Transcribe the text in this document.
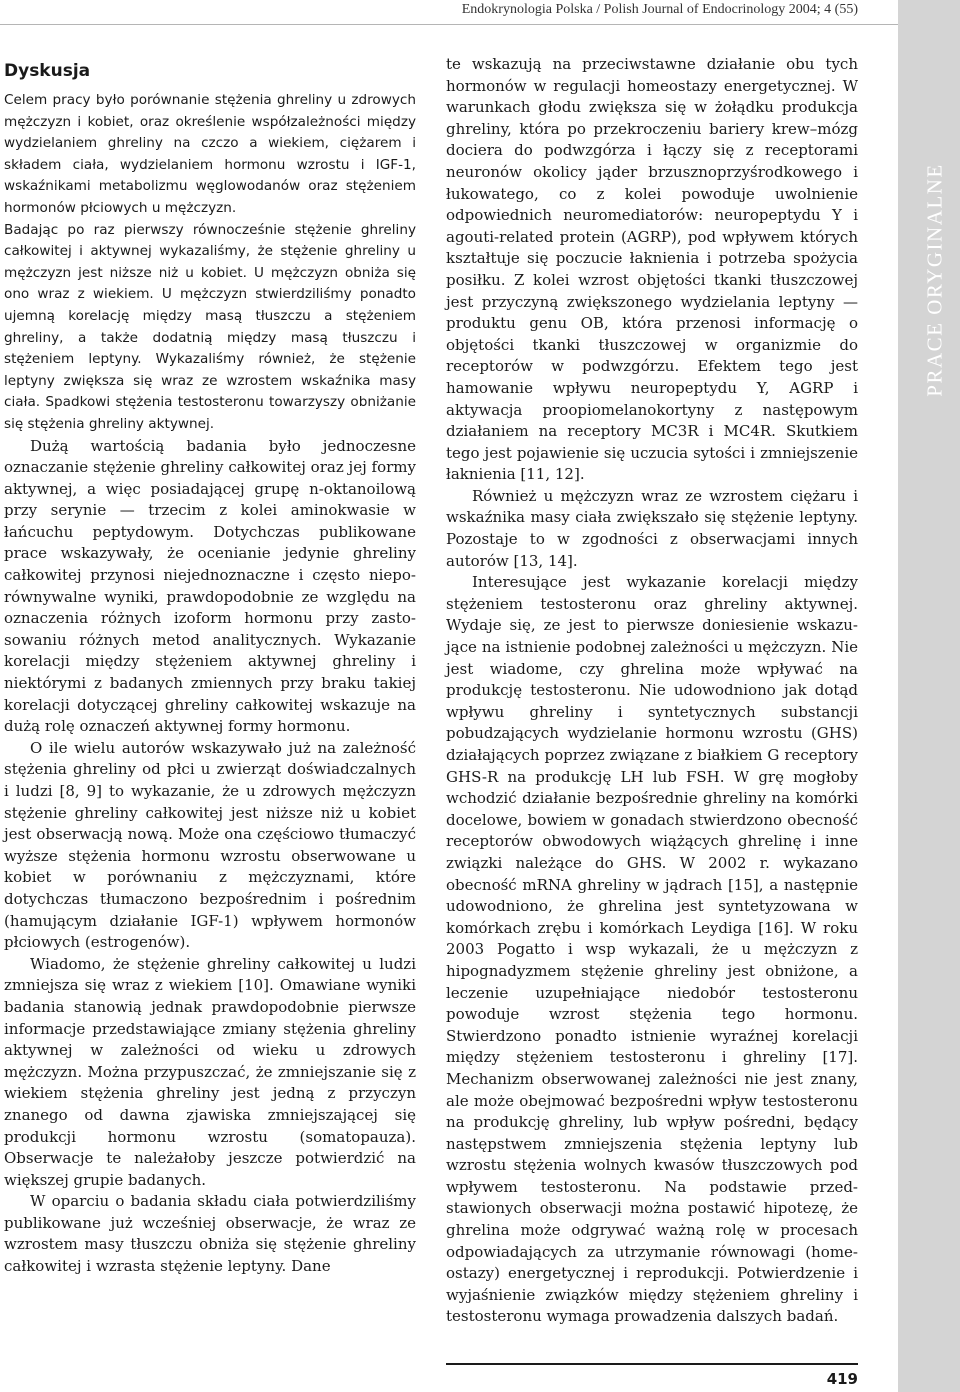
Endokrynologia Polska / Polish Journal of Endocrinology 2004; 4 (55)
PRACE ORYGINALNE
Dyskusja

Celem pracy było porównanie stężenia ghreliny u zdrowych mężczyzn i kobiet, oraz określenie współzależności między wydzielaniem ghreliny na czczo a wiekiem, ciężarem i składem ciała, wydzielaniem hormonu wzrostu i IGF-1, wskaźnikami metabolizmu węglowodanów oraz stężeniem hormonów płciowych u mężczyzn.

Badając po raz pierwszy równocześnie stężenie ghreliny całkowitej i aktywnej wykazaliśmy, że stężenie ghreliny u mężczyzn jest niższe niż u kobiet. U mężczyzn obniża się ono wraz z wiekiem. U mężczyzn stwierdziliśmy ponadto ujemną korelację między masą tłuszczu a stężeniem ghreliny, a także dodatnią między masą tłuszczu i stężeniem leptyny. Wykazaliśmy również, że stężenie leptyny zwiększa się wraz ze wzrostem wskaźnika masy ciała. Spadkowi stężenia testosteronu towarzyszy obniżanie się stężenia ghreliny aktywnej.

Dużą wartością badania było jednoczesne oznaczanie stężenie ghreliny całkowitej oraz jej formy aktywnej, a więc posiadającej grupę n-oktanoilową przy serynie — trzecim z kolei aminokwasie w łańcuchu peptydowym. Dotychczas publikowane prace wskazywały, że ocenianie jedynie ghreliny całkowitej przynosi niejednoznaczne i często nieporównywalne wyniki, prawdopodobnie ze względu na oznaczenia różnych izoform hormonu przy zastosowaniu różnych metod analitycznych. Wykazanie korelacji między stężeniem aktywnej ghreliny i niektórymi z badanych zmiennych przy braku takiej korelacji dotyczącej ghreliny całkowitej wskazuje na dużą rolę oznaczeń aktywnej formy hormonu.

O ile wielu autorów wskazywało już na zależność stężenia ghreliny od płci u zwierząt doświadczalnych i ludzi [8, 9] to wykazanie, że u zdrowych mężczyzn stężenie ghreliny całkowitej jest niższe niż u kobiet jest obserwacją nową. Może ona częściowo tłumaczyć wyższe stężenia hormonu wzrostu obserwowane u kobiet w porównaniu z mężczyznami, które dotychczas tłumaczono bezpośrednim i pośrednim (hamującym działanie IGF-1) wpływem hormonów płciowych (estrogenów).

Wiadomo, że stężenie ghreliny całkowitej u ludzi zmniejsza się wraz z wiekiem [10]. Omawiane wyniki badania stanowią jednak prawdopodobnie pierwsze informacje przedstawiające zmiany stężenia ghreliny aktywnej w zależności od wieku u zdrowych mężczyzn. Można przypuszczać, że zmniejszanie się z wiekiem stężenia ghreliny jest jedną z przyczyn znanego od dawna zjawiska zmniejszającej się produkcji hormonu wzrostu (somatopauza). Obserwacje te należałoby jeszcze potwierdzić na większej grupie badanych.

W oparciu o badania składu ciała potwierdziliśmy publikowane już wcześniej obserwacje, że wraz ze wzrostem masy tłuszczu obniża się stężenie ghreliny całkowitej i wzrasta stężenie leptyny. Dane

te wskazują na przeciwstawne działanie obu tych hormonów w regulacji homeostazy energetycznej. W warunkach głodu zwiększa się w żołądku produkcja ghreliny, która po przekroczeniu bariery krew–mózg dociera do podwzgórza i łączy się z receptorami neuronów okolicy jąder brzusznoprzyśrodkowego i łukowatego, co z kolei powoduje uwolnienie odpowiednich neuromediatorów: neuropeptydu Y i agouti-related protein (AGRP), pod wpływem których kształtuje się poczucie łaknienia i potrzeba spożycia posiłku. Z kolei wzrost objętości tkanki tłuszczowej jest przyczyną zwiększonego wydzielania leptyny — produktu genu OB, która przenosi informację o objętości tkanki tłuszczowej w organizmie do receptorów w podwzgórzu. Efektem tego jest hamowanie wpływu neuropeptydu Y, AGRP i aktywacja proopiomelanokortyny z następowym działaniem na receptory MC3R i MC4R. Skutkiem tego jest pojawienie się uczucia sytości i zmniejszenie łaknienia [11, 12].

Również u mężczyzn wraz ze wzrostem ciężaru i wskaźnika masy ciała zwiększało się stężenie leptyny. Pozostaje to w zgodności z obserwacjami innych autorów [13, 14].

Interesujące jest wykazanie korelacji między stężeniem testosteronu oraz ghreliny aktywnej. Wydaje się, ze jest to pierwsze doniesienie wskazujące na istnienie podobnej zależności u mężczyzn. Nie jest wiadome, czy ghrelina może wpływać na produkcję testosteronu. Nie udowodniono jak dotąd wpływu ghreliny i syntetycznych substancji pobudzających wydzielanie hormonu wzrostu (GHS) działających poprzez związane z białkiem G receptory GHS-R na produkcję LH lub FSH. W grę mogłoby wchodzić działanie bezpośrednie ghreliny na komórki docelowe, bowiem w gonadach stwierdzono obecność receptorów obwodowych wiążących ghrelinę i inne związki należące do GHS. W 2002 r. wykazano obecność mRNA ghreliny w jądrach [15], a następnie udowodniono, że ghrelina jest syntetyzowana w komórkach zrębu i komórkach Leydiga [16]. W roku 2003 Pogatto i wsp wykazali, że u mężczyzn z hipognadyzmem stężenie ghreliny jest obniżone, a leczenie uzupełniające niedobór testosteronu powoduje wzrost stężenia tego hormonu. Stwierdzono ponadto istnienie wyraźnej korelacji między stężeniem testosteronu i ghreliny [17]. Mechanizm obserwowanej zależności nie jest znany, ale może obejmować bezpośredni wpływ testosteronu na produkcję ghreliny, lub wpływ pośredni, będący następstwem zmniejszenia stężenia leptyny lub wzrostu stężenia wolnych kwasów tłuszczowych pod wpływem testosteronu. Na podstawie przedstawionych obserwacji można postawić hipotezę, że ghrelina może odgrywać ważną rolę w procesach odpowiadających za utrzymanie równowagi (homeostazy) energetycznej i reprodukcji. Potwierdzenie i wyjaśnienie związków między stężeniem ghreliny i testosteronu wymaga prowadzenia dalszych badań.

419
